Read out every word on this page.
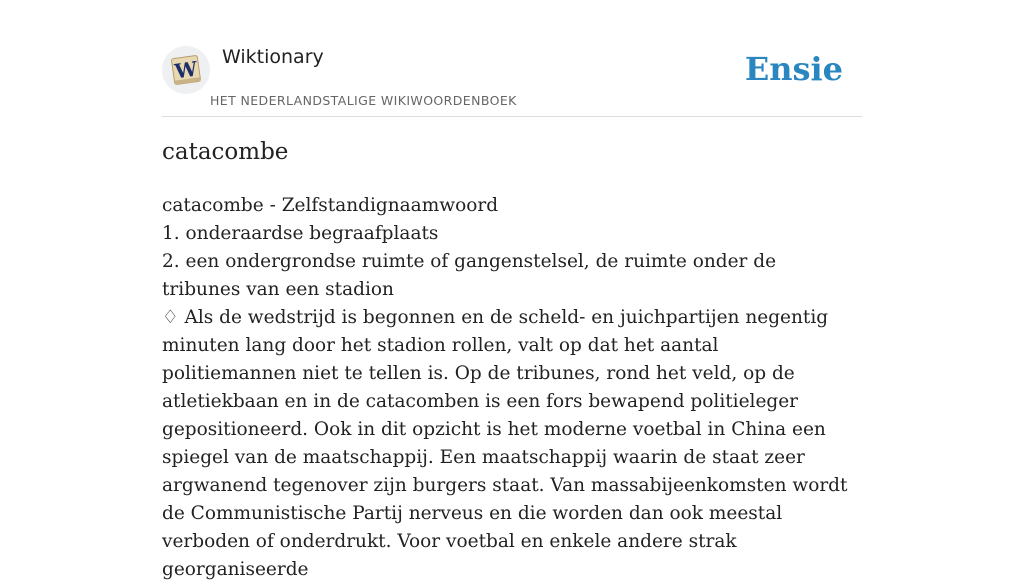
W Wiktionary
HET NEDERLANDSTALIGE WIKIWOORDENBOEK
Ensie
catacombe

catacombe - Zelfstandignaamwoord

1. onderaardse begraafplaats

2. een ondergrondse ruimte of gangenstelsel, de ruimte onder de tribunes van een stadion

♢ Als de wedstrijd is begonnen en de scheld- en juichpartijen negentig minuten lang door het stadion rollen, valt op dat het aantal politiemannen niet te tellen is. Op de tribunes, rond het veld, op de atletiekbaan en in de catacomben is een fors bewapend politieleger gepositioneerd. Ook in dit opzicht is het moderne voetbal in China een spiegel van de maatschappij. Een maatschappij waarin de staat zeer argwanend tegenover zijn burgers staat. Van massabijeenkomsten wordt de Communistische Partij nerveus en die worden dan ook meestal verboden of onderdrukt. Voor voetbal en enkele andere strak georganiseerde
